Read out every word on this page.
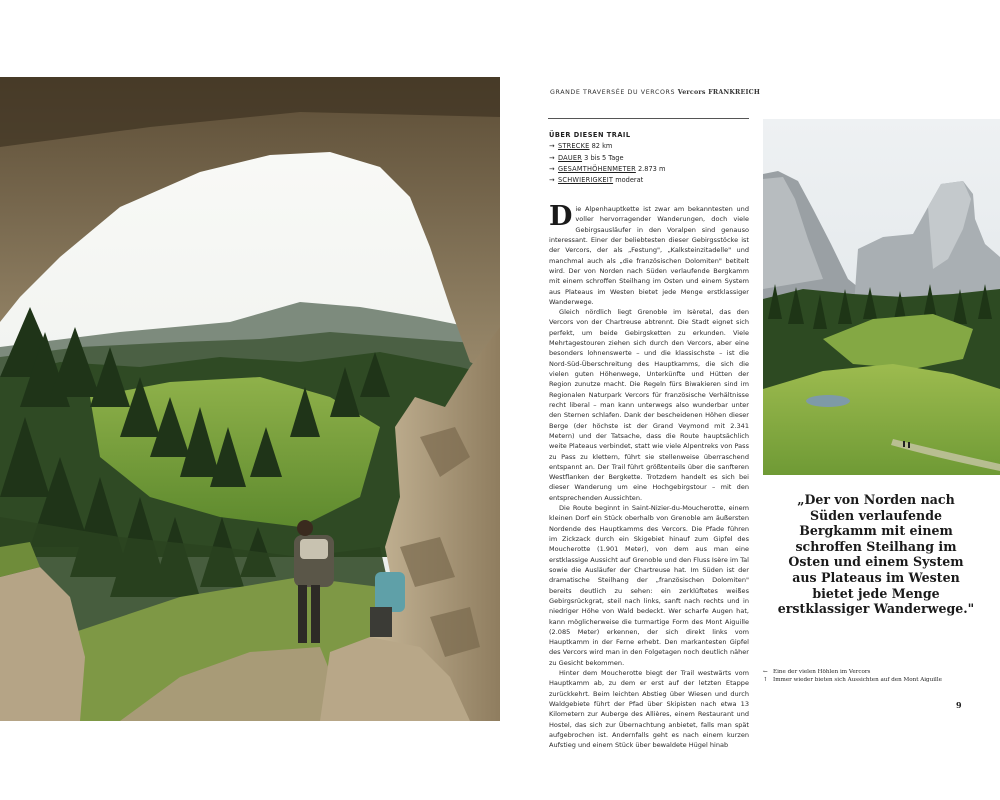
GRANDE TRAVERSÉE DU VERCORS Vercors FRANKREICH
ÜBER DIESEN TRAIL
→ STRECKE 82 km
→ DAUER 3 bis 5 Tage
→ GESAMTHÖHENMETER 2.873 m
→ SCHWIERIGKEIT moderat

Die Alpenhauptkette ist zwar am bekanntesten und voller hervorragender Wanderungen, doch viele Gebirgsausläufer in den Voralpen sind genauso interessant. Einer der beliebtesten dieser Gebirgsstöcke ist der Vercors, der als „Festung", „Kalksteinzitadelle" und manchmal auch als „die französischen Dolomiten" betitelt wird. Der von Norden nach Süden verlaufende Bergkamm mit einem schroffen Steilhang im Osten und einem System aus Plateaus im Westen bietet jede Menge erstklassiger Wanderwege.

Gleich nördlich liegt Grenoble im Isèretal, das den Vercors von der Chartreuse abtrennt. Die Stadt eignet sich perfekt, um beide Gebirgsketten zu erkunden. Viele Mehrtagestouren ziehen sich durch den Vercors, aber eine besonders lohnenswerte – und die klassischste – ist die Nord-Süd-Überschreitung des Hauptkamms, die sich die vielen guten Höhenwege, Unterkünfte und Hütten der Region zunutze macht. Die Regeln fürs Biwakieren sind im Regionalen Naturpark Vercors für französische Verhältnisse recht liberal – man kann unterwegs also wunderbar unter den Sternen schlafen. Dank der bescheidenen Höhen dieser Berge (der höchste ist der Grand Veymond mit 2.341 Metern) und der Tatsache, dass die Route hauptsächlich weite Plateaus verbindet, statt wie viele Alpentreks von Pass zu Pass zu klettern, führt sie stellenweise überraschend entspannt an. Der Trail führt größtenteils über die sanfteren Westflanken der Bergkette. Trotzdem handelt es sich bei dieser Wanderung um eine Hochgebirgstour – mit den entsprechenden Aussichten.

Die Route beginnt in Saint-Nizier-du-Moucherotte, einem kleinen Dorf ein Stück oberhalb von Grenoble am äußersten Nordende des Hauptkamms des Vercors. Die Pfade führen im Zickzack durch ein Skigebiet hinauf zum Gipfel des Moucherotte (1.901 Meter), von dem aus man eine erstklassige Aussicht auf Grenoble und den Fluss Isère im Tal sowie die Ausläufer der Chartreuse hat. Im Süden ist der dramatische Steilhang der „französischen Dolomiten" bereits deutlich zu sehen: ein zerklüftetes weißes Gebirgsrückgrat, steil nach links, sanft nach rechts und in niedriger Höhe von Wald bedeckt. Wer scharfe Augen hat, kann möglicherweise die turmartige Form des Mont Aiguille (2.085 Meter) erkennen, der sich direkt links vom Hauptkamm in der Ferne erhebt. Den markantesten Gipfel des Vercors wird man in den Folgetagen noch deutlich näher zu Gesicht bekommen.

Hinter dem Moucherotte biegt der Trail westwärts vom Hauptkamm ab, zu dem er erst auf der letzten Etappe zurückkehrt. Beim leichten Abstieg über Wiesen und durch Waldgebiete führt der Pfad über Skipisten nach etwa 13 Kilometern zur Auberge des Allières, einem Restaurant und Hostel, das sich zur Übernachtung anbietet, falls man spät aufgebrochen ist. Andernfalls geht es nach einem kurzen Aufstieg und einem Stück über bewaldete Hügel hinab

„Der von Norden nach Süden verlaufende Bergkamm mit einem schroffen Steilhang im Osten und einem System aus Plateaus im Westen bietet jede Menge erstklassiger Wanderwege."
← Eine der vielen Höhlen im Vercors
↑ Immer wieder bieten sich Aussichten auf den Mont Aiguille
9
